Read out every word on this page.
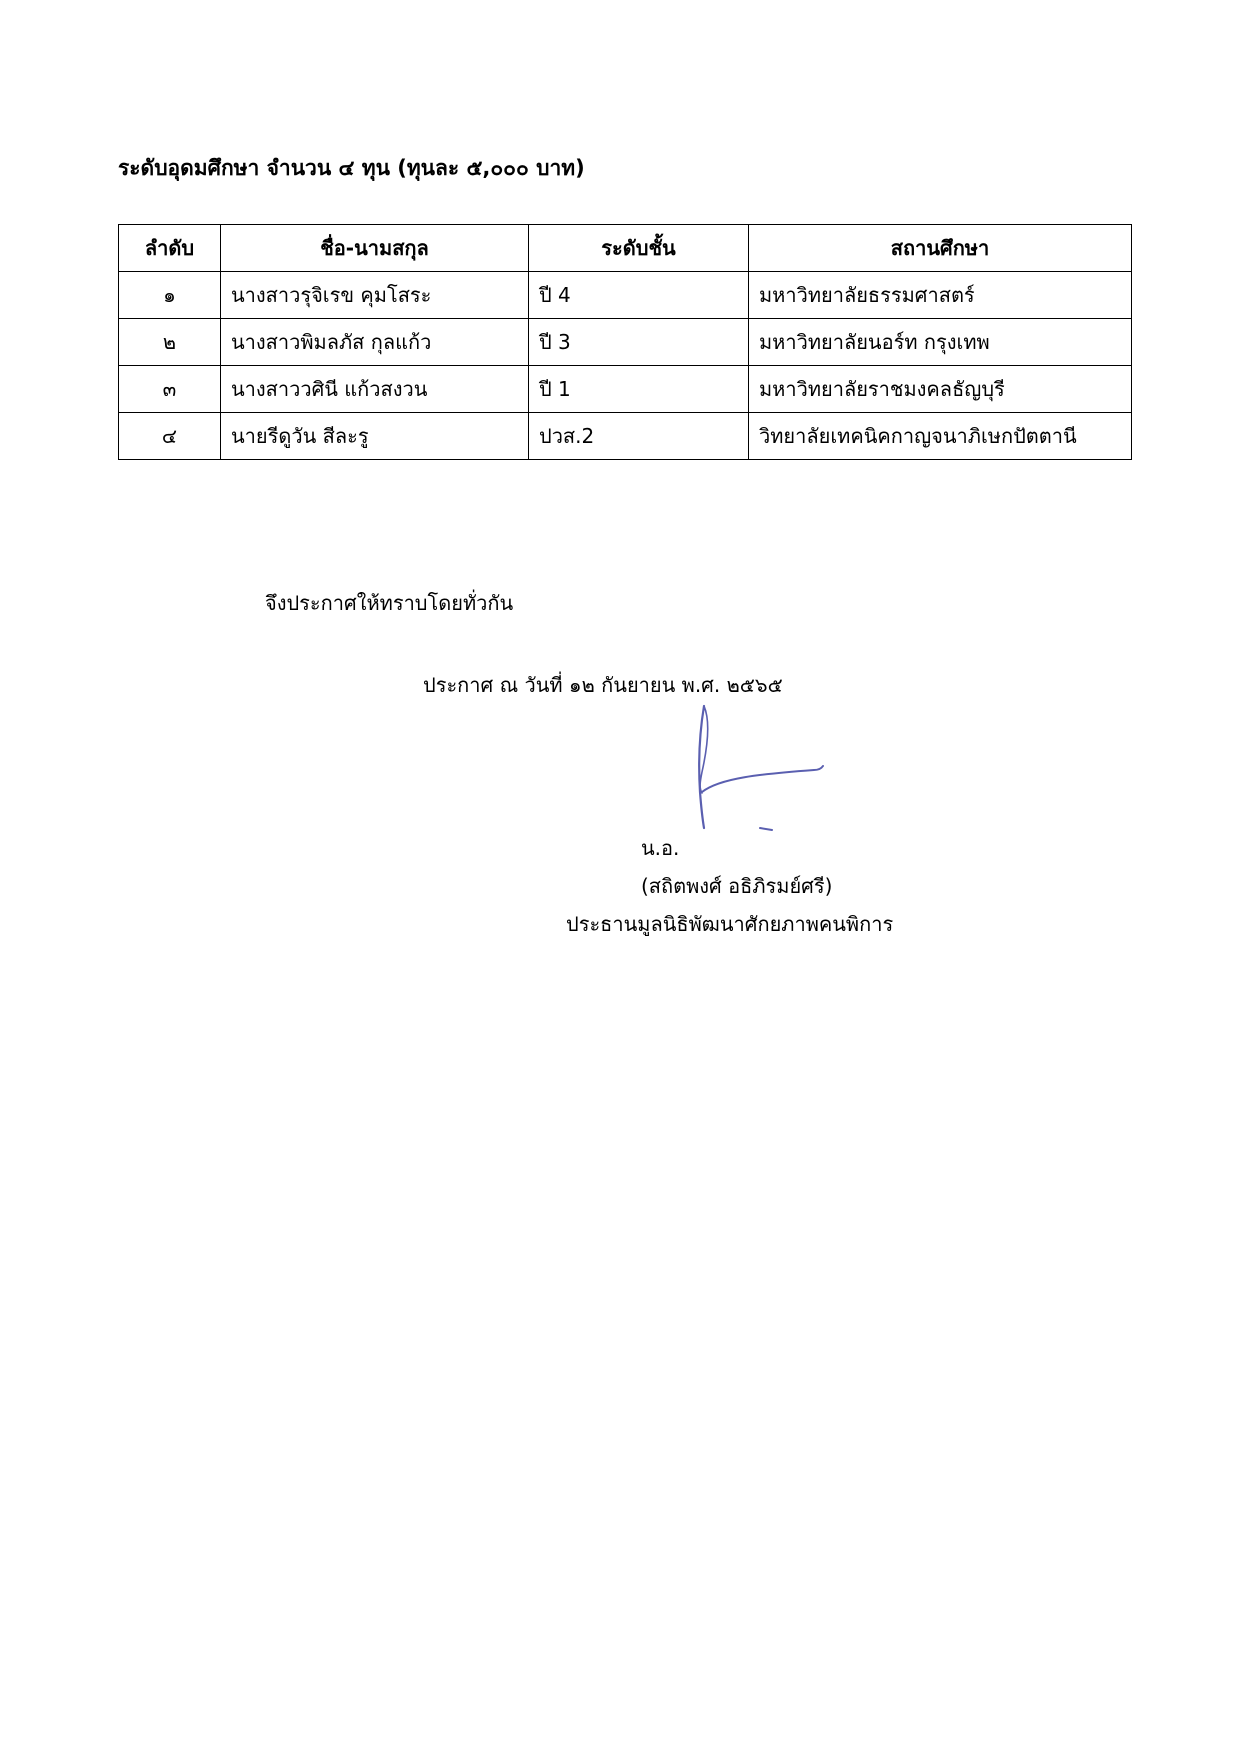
ระดับอุดมศึกษา จำนวน ๔ ทุน (ทุนละ ๕,๐๐๐ บาท)
ลำดับ	ชื่อ-นามสกุล	ระดับชั้น	สถานศึกษา
๑	นางสาวรุจิเรข คุมโสระ	ปี 4	มหาวิทยาลัยธรรมศาสตร์
๒	นางสาวพิมลภัส กุลแก้ว	ปี 3	มหาวิทยาลัยนอร์ท กรุงเทพ
๓	นางสาววศินี แก้วสงวน	ปี 1	มหาวิทยาลัยราชมงคลธัญบุรี
๔	นายรีดูวัน สีละรู	ปวส.2	วิทยาลัยเทคนิคกาญจนาภิเษกปัตตานี
จึงประกาศให้ทราบโดยทั่วกัน
ประกาศ ณ วันที่ ๑๒ กันยายน พ.ศ. ๒๕๖๕
น.อ.
(สถิตพงศ์ อธิภิรมย์ศรี)
ประธานมูลนิธิพัฒนาศักยภาพคนพิการ
